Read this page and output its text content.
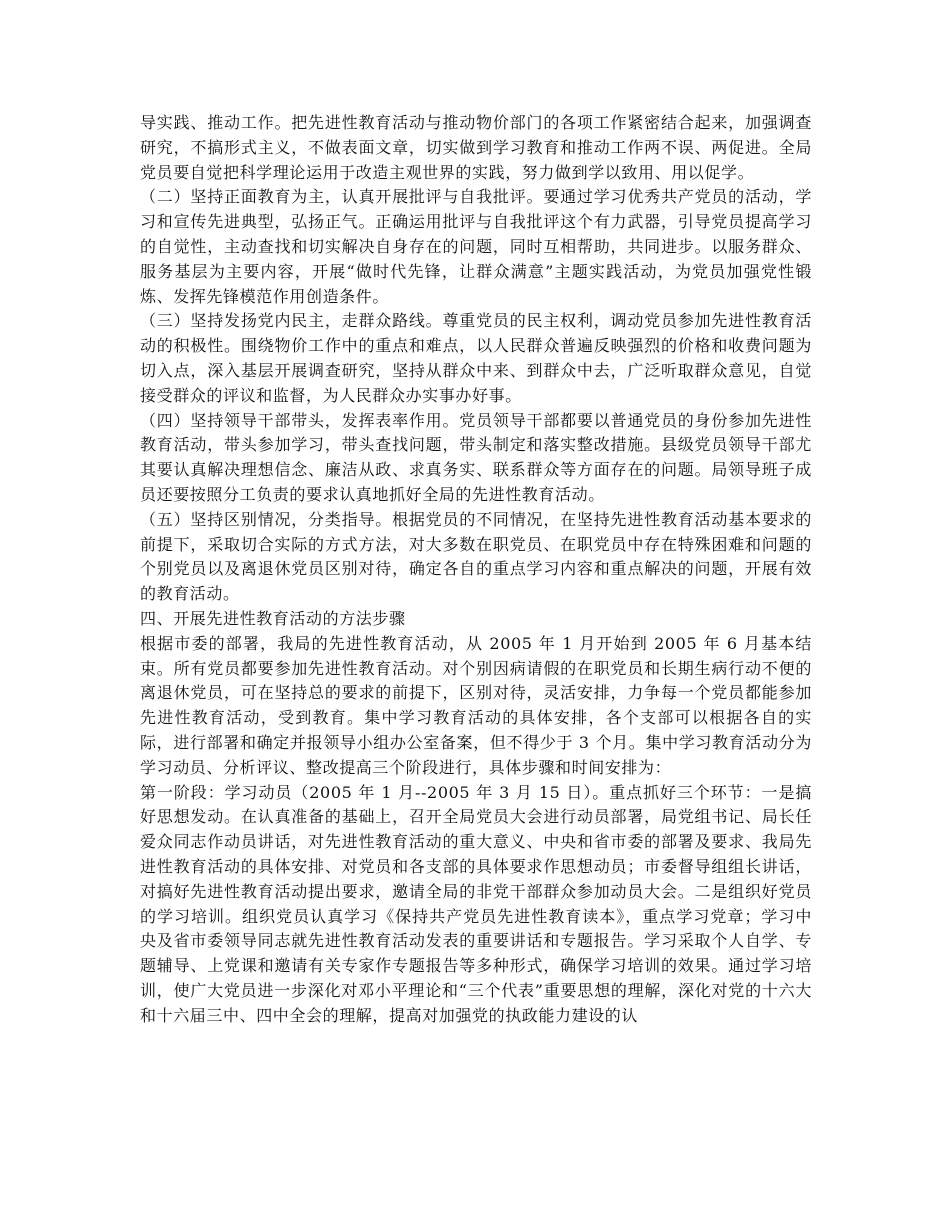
导实践、推动工作。把先进性教育活动与推动物价部门的各项工作紧密结合起来，加强调查研究，不搞形式主义，不做表面文章，切实做到学习教育和推动工作两不误、两促进。全局党员要自觉把科学理论运用于改造主观世界的实践，努力做到学以致用、用以促学。

（二）坚持正面教育为主，认真开展批评与自我批评。要通过学习优秀共产党员的活动，学习和宣传先进典型，弘扬正气。正确运用批评与自我批评这个有力武器，引导党员提高学习的自觉性，主动查找和切实解决自身存在的问题，同时互相帮助，共同进步。以服务群众、服务基层为主要内容，开展“做时代先锋，让群众满意”主题实践活动，为党员加强党性锻炼、发挥先锋模范作用创造条件。

（三）坚持发扬党内民主，走群众路线。尊重党员的民主权利，调动党员参加先进性教育活动的积极性。围绕物价工作中的重点和难点，以人民群众普遍反映强烈的价格和收费问题为切入点，深入基层开展调查研究，坚持从群众中来、到群众中去，广泛听取群众意见，自觉接受群众的评议和监督，为人民群众办实事办好事。

（四）坚持领导干部带头，发挥表率作用。党员领导干部都要以普通党员的身份参加先进性教育活动，带头参加学习，带头查找问题，带头制定和落实整改措施。县级党员领导干部尤其要认真解决理想信念、廉洁从政、求真务实、联系群众等方面存在的问题。局领导班子成员还要按照分工负责的要求认真地抓好全局的先进性教育活动。

（五）坚持区别情况，分类指导。根据党员的不同情况，在坚持先进性教育活动基本要求的前提下，采取切合实际的方式方法，对大多数在职党员、在职党员中存在特殊困难和问题的个别党员以及离退休党员区别对待，确定各自的重点学习内容和重点解决的问题，开展有效的教育活动。

四、开展先进性教育活动的方法步骤

根据市委的部署，我局的先进性教育活动，从 2005 年 1 月开始到 2005 年 6 月基本结束。所有党员都要参加先进性教育活动。对个别因病请假的在职党员和长期生病行动不便的离退休党员，可在坚持总的要求的前提下，区别对待，灵活安排，力争每一个党员都能参加先进性教育活动，受到教育。集中学习教育活动的具体安排，各个支部可以根据各自的实际，进行部署和确定并报领导小组办公室备案，但不得少于 3 个月。集中学习教育活动分为学习动员、分析评议、整改提高三个阶段进行，具体步骤和时间安排为：

第一阶段：学习动员（2005 年 1 月--2005 年 3 月 15 日）。重点抓好三个环节：一是搞好思想发动。在认真准备的基础上，召开全局党员大会进行动员部署，局党组书记、局长任爱众同志作动员讲话，对先进性教育活动的重大意义、中央和省市委的部署及要求、我局先进性教育活动的具体安排、对党员和各支部的具体要求作思想动员；市委督导组组长讲话，对搞好先进性教育活动提出要求，邀请全局的非党干部群众参加动员大会。二是组织好党员的学习培训。组织党员认真学习《保持共产党员先进性教育读本》，重点学习党章；学习中央及省市委领导同志就先进性教育活动发表的重要讲话和专题报告。学习采取个人自学、专题辅导、上党课和邀请有关专家作专题报告等多种形式，确保学习培训的效果。通过学习培训，使广大党员进一步深化对邓小平理论和“三个代表”重要思想的理解，深化对党的十六大和十六届三中、四中全会的理解，提高对加强党的执政能力建设的认
